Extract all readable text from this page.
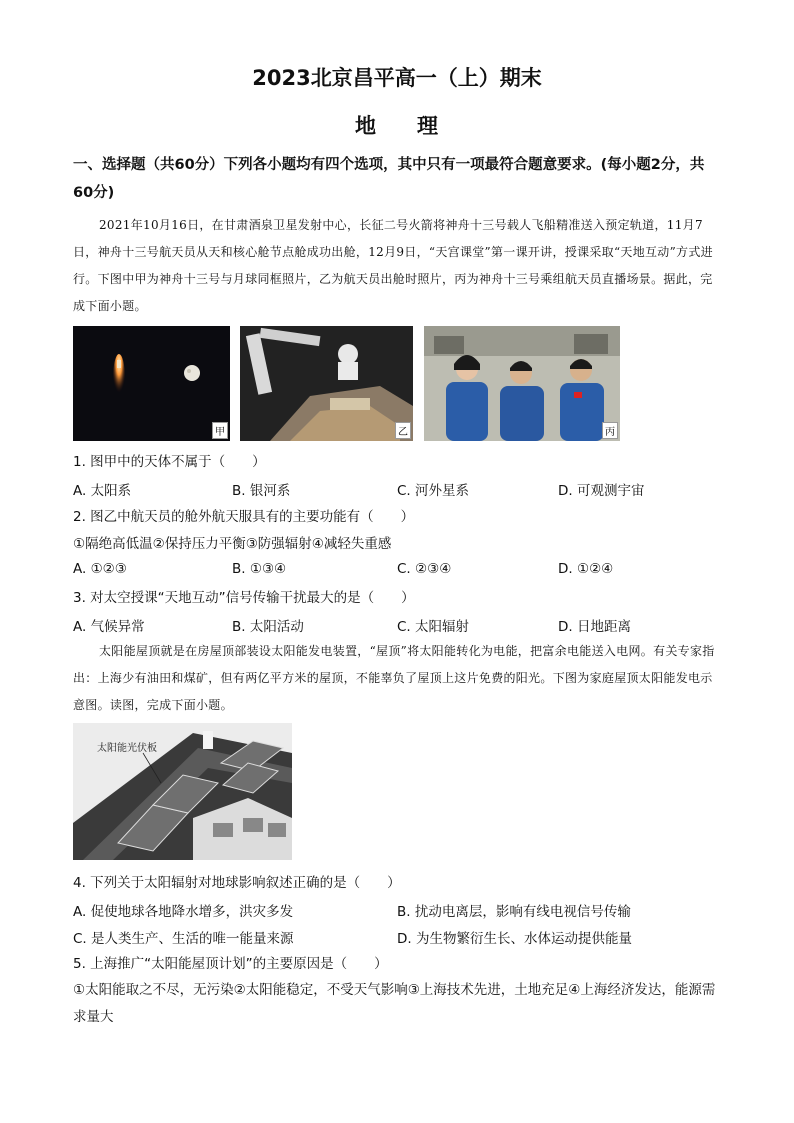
2023北京昌平高一（上）期末
地 理
一、选择题（共60分）下列各小题均有四个选项，其中只有一项最符合题意要求。(每小题2分，共60分)
2021年10月16日，在甘肃酒泉卫星发射中心，长征二号火箭将神舟十三号载人飞船精准送入预定轨道，11月7日，神舟十三号航天员从天和核心舱节点舱成功出舱，12月9日，“天宫课堂”第一课开讲，授课采取“天地互动”方式进行。下图中甲为神舟十三号与月球同框照片，乙为航天员出舱时照片，丙为神舟十三号乘组航天员直播场景。据此，完成下面小题。
甲	乙	丙
1. 图甲中的天体不属于（　　）
A. 太阳系	B. 银河系	C. 河外星系	D. 可观测宇宙
2. 图乙中航天员的舱外航天服具有的主要功能有（　　）
①隔绝高低温②保持压力平衡③防强辐射④减轻失重感
A. ①②③	B. ①③④	C. ②③④	D. ①②④
3. 对太空授课“天地互动”信号传输干扰最大的是（　　）
A. 气候异常	B. 太阳活动	C. 太阳辐射	D. 日地距离
太阳能屋顶就是在房屋顶部装设太阳能发电装置，“屋顶”将太阳能转化为电能，把富余电能送入电网。有关专家指出：上海少有油田和煤矿，但有两亿平方米的屋顶，不能辜负了屋顶上这片免费的阳光。下图为家庭屋顶太阳能发电示意图。读图，完成下面小题。
太阳能光伏板
4. 下列关于太阳辐射对地球影响叙述正确的是（　　）
A. 促使地球各地降水增多，洪灾多发	B. 扰动电离层，影响有线电视信号传输
C. 是人类生产、生活的唯一能量来源	D. 为生物繁衍生长、水体运动提供能量
5. 上海推广“太阳能屋顶计划”的主要原因是（　　）
①太阳能取之不尽，无污染②太阳能稳定，不受天气影响③上海技术先进，土地充足④上海经济发达，能源需求量大
